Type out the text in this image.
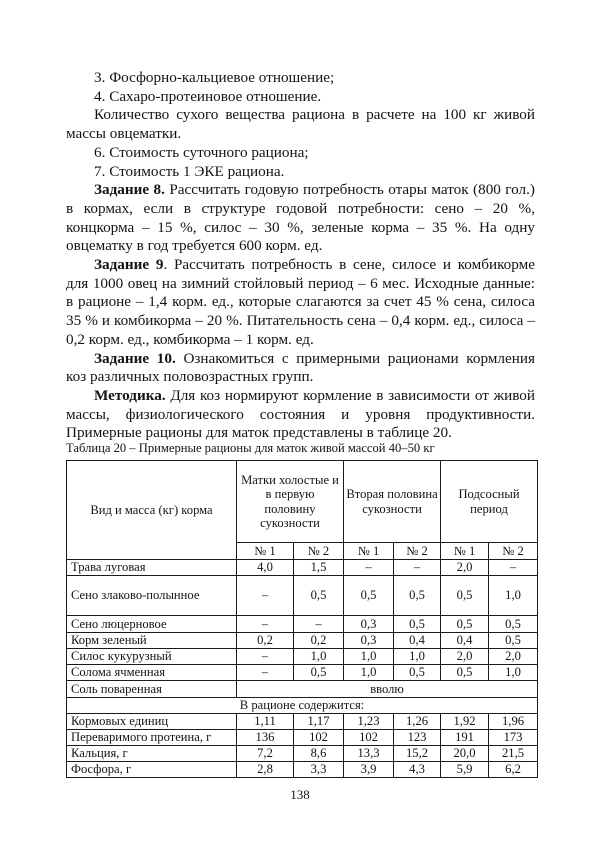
3. Фосфорно-кальциевое отношение;

4. Сахаро-протеиновое отношение.

Количество сухого вещества рациона в расчете на 100 кг живой массы овцематки.

6. Стоимость суточного рациона;

7. Стоимость 1 ЭКЕ рациона.

Задание 8. Рассчитать годовую потребность отары маток (800 гол.) в кормах, если в структуре годовой потребности: сено – 20 %, концкорма – 15 %, силос – 30 %, зеленые корма – 35 %. На одну овцематку в год требуется 600 корм. ед.

Задание 9. Рассчитать потребность в сене, силосе и комбикорме для 1000 овец на зимний стойловый период – 6 мес. Исходные данные: в рационе – 1,4 корм. ед., которые слагаются за счет 45 % сена, силоса 35 % и комбикорма – 20 %. Питательность сена – 0,4 корм. ед., силоса – 0,2 корм. ед., комбикорма – 1 корм. ед.

Задание 10. Ознакомиться с примерными рационами кормления коз различных половозрастных групп.

Методика. Для коз нормируют кормление в зависимости от живой массы, физиологического состояния и уровня продуктивности. Примерные рационы для маток представлены в таблице 20.

Таблица 20 – Примерные рационы для маток живой массой 40–50 кг
Вид и масса (кг) корма	Матки холостые и в первую половину сукозности		Вторая половина сукозности		Подсосный период	
	№ 1	№ 2	№ 1	№ 2	№ 1	№ 2
Трава луговая	4,0	1,5	–	–	2,0	–
Сено злаково-полынное	–	0,5	0,5	0,5	0,5	1,0
Сено люцерновое	–	–	0,3	0,5	0,5	0,5
Корм зеленый	0,2	0,2	0,3	0,4	0,4	0,5
Силос кукурузный	–	1,0	1,0	1,0	2,0	2,0
Солома ячменная	–	0,5	1,0	0,5	0,5	1,0
Соль поваренная	вволю					
В рационе содержится:						
Кормовых единиц	1,11	1,17	1,23	1,26	1,92	1,96
Переваримого протеина, г	136	102	102	123	191	173
Кальция, г	7,2	8,6	13,3	15,2	20,0	21,5
Фосфора, г	2,8	3,3	3,9	4,3	5,9	6,2
138
